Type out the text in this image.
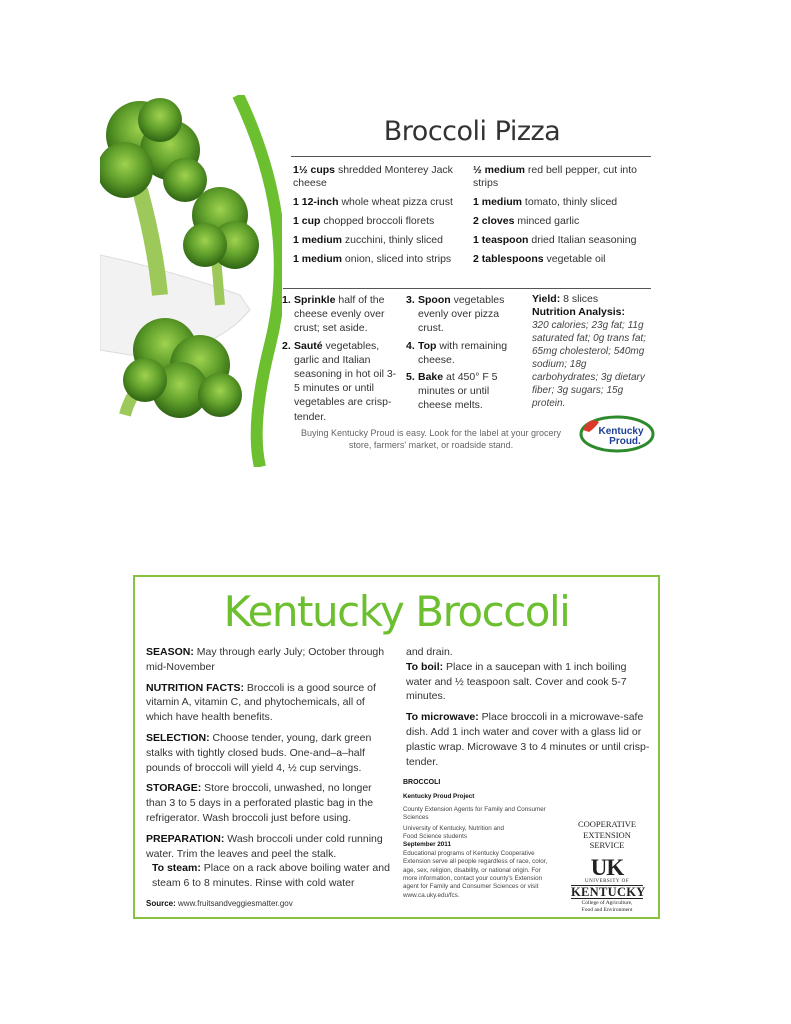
Broccoli Pizza

1½ cups shredded Monterey Jack cheese

1 12-inch whole wheat pizza crust

1 cup chopped broccoli florets

1 medium zucchini, thinly sliced

1 medium onion, sliced into strips

½ medium red bell pepper, cut into strips

1 medium tomato, thinly sliced

2 cloves minced garlic

1 teaspoon dried Italian seasoning

2 tablespoons vegetable oil

1. Sprinkle half of the cheese evenly over crust; set aside.
2. Sauté vegetables, garlic and Italian seasoning in hot oil 3-5 minutes or until vegetables are crisp-tender.
3. Spoon vegetables evenly over pizza crust.
4. Top with remaining cheese.
5. Bake at 450° F 5 minutes or until cheese melts.
Yield: 8 slices
Nutrition Analysis:
320 calories; 23g fat; 11g saturated fat; 0g trans fat; 65mg cholesterol; 540mg sodium; 18g carbohydrates; 3g dietary fiber; 3g sugars; 15g protein.
Buying Kentucky Proud is easy. Look for the label at your grocery store, farmers' market, or roadside stand.
Kentucky
Proud.
Kentucky Broccoli

SEASON: May through early July; October through mid-November

NUTRITION FACTS: Broccoli is a good source of vitamin A, vitamin C, and phytochemicals, all of which have health benefits.

SELECTION: Choose tender, young, dark green stalks with tightly closed buds. One-and–a–half pounds of broccoli will yield 4, ½ cup servings.

STORAGE: Store broccoli, unwashed, no longer than 3 to 5 days in a perforated plastic bag in the refrigerator. Wash broccoli just before using.

PREPARATION: Wash broccoli under cold running water. Trim the leaves and peel the stalk.

To steam: Place on a rack above boiling water and steam 6 to 8 minutes. Rinse with cold water

Source: www.fruitsandveggiesmatter.gov

and drain.

To boil: Place in a saucepan with 1 inch boiling water and ½ teaspoon salt. Cover and cook 5-7 minutes.

To microwave: Place broccoli in a microwave-safe dish. Add 1 inch water and cover with a glass lid or plastic wrap. Microwave 3 to 4 minutes or until crisp-tender.

BROCCOLI
Kentucky Proud Project
County Extension Agents for Family and Consumer Sciences
University of Kentucky, Nutrition and Food Science students
September 2011
Educational programs of Kentucky Cooperative Extension serve all people regardless of race, color, age, sex, religion, disability, or national origin. For more information, contact your county's Extension agent for Family and Consumer Sciences or visit www.ca.uky.edu/fcs.
COOPERATIVE
EXTENSION
SERVICE
UK
UNIVERSITY OF
KENTUCKY
College of Agriculture,
Food and Environment
